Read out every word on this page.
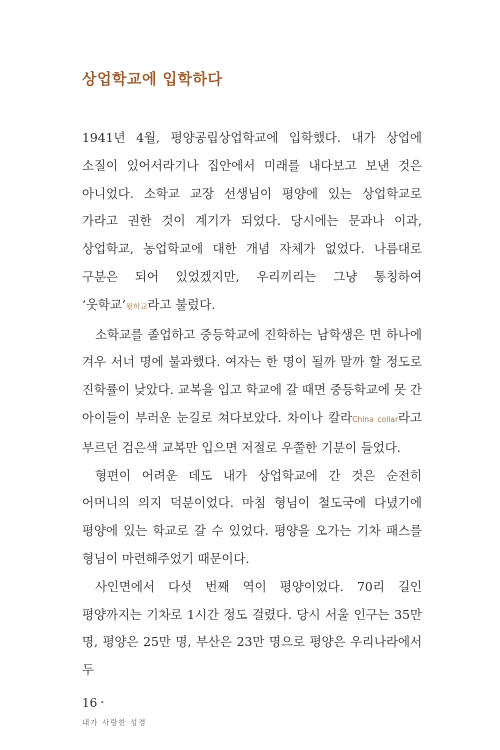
상업학교에 입학하다

1941년 4월, 평양공립상업학교에 입학했다. 내가 상업에 소질이 있어서라기나 집안에서 미래를 내다보고 보낸 것은 아니었다. 소학교 교장 선생님이 평양에 있는 상업학교로 가라고 권한 것이 계기가 되었다. 당시에는 문과나 이과, 상업학교, 농업학교에 대한 개념 자체가 없었다. 나름대로 구분은 되어 있었겠지만, 우리끼리는 그냥 통칭하여 ‘웃학교’윗학교라고 불렀다.

소학교를 졸업하고 중등학교에 진학하는 남학생은 면 하나에 겨우 서너 명에 불과했다. 여자는 한 명이 될까 말까 할 정도로 진학률이 낮았다. 교복을 입고 학교에 갈 때면 중등학교에 못 간 아이들이 부러운 눈길로 쳐다보았다. 차이나 칼라China collar라고 부르던 검은색 교복만 입으면 저절로 우쭐한 기분이 들었다.

형편이 어려운 데도 내가 상업학교에 간 것은 순전히 어머니의 의지 덕분이었다. 마침 형님이 철도국에 다녔기에 평양에 있는 학교로 갈 수 있었다. 평양을 오가는 기차 패스를 형님이 마련해주었기 때문이다.

사인면에서 다섯 번째 역이 평양이었다. 70리 길인 평양까지는 기차로 1시간 정도 걸렸다. 당시 서울 인구는 35만 명, 평양은 25만 명, 부산은 23만 명으로 평양은 우리나라에서 두

16 •
내가 사랑한 성경
